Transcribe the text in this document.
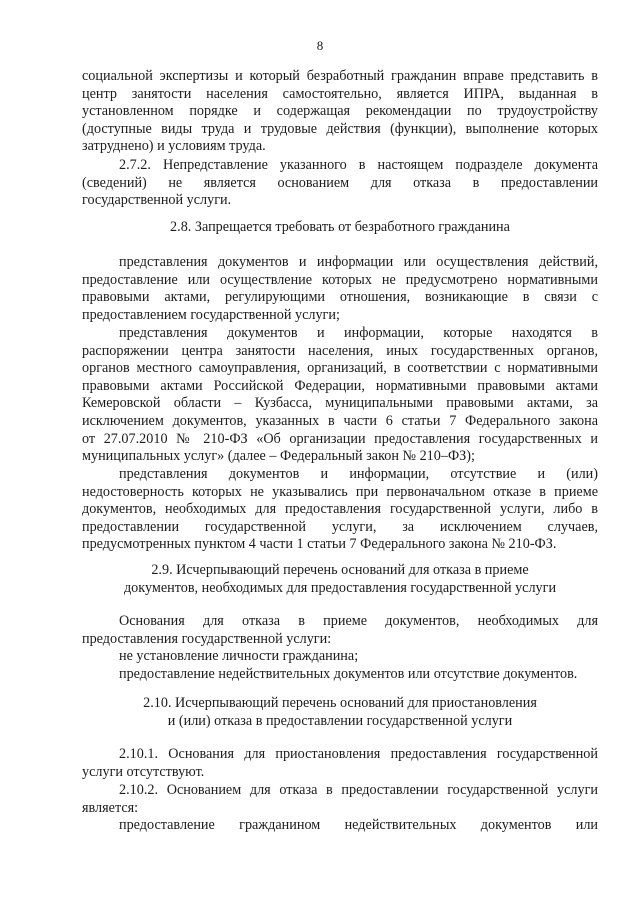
8
социальной экспертизы и который безработный гражданин вправе представить в
центр занятости населения самостоятельно, является ИПРА, выданная в
установленном порядке и содержащая рекомендации по трудоустройству
(доступные виды труда и трудовые действия (функции), выполнение которых
затруднено) и условиям труда.
2.7.2. Непредставление указанного в настоящем подразделе документа
(сведений) не является основанием для отказа в предоставлении
государственной услуги.
2.8. Запрещается требовать от безработного гражданина
представления документов и информации или осуществления действий,
предоставление или осуществление которых не предусмотрено нормативными
правовыми актами, регулирующими отношения, возникающие в связи с
предоставлением государственной услуги;
представления документов и информации, которые находятся в
распоряжении центра занятости населения, иных государственных органов,
органов местного самоуправления, организаций, в соответствии с нормативными
правовыми актами Российской Федерации, нормативными правовыми актами
Кемеровской области – Кузбасса, муниципальными правовыми актами, за
исключением документов, указанных в части 6 статьи 7 Федерального закона
от 27.07.2010 № 210-ФЗ «Об организации предоставления государственных и
муниципальных услуг» (далее – Федеральный закон № 210–ФЗ);
представления документов и информации, отсутствие и (или)
недостоверность которых не указывались при первоначальном отказе в приеме
документов, необходимых для предоставления государственной услуги, либо в
предоставлении государственной услуги, за исключением случаев,
предусмотренных пунктом 4 части 1 статьи 7 Федерального закона № 210-ФЗ.
2.9. Исчерпывающий перечень оснований для отказа в приеме
документов, необходимых для предоставления государственной услуги
Основания для отказа в приеме документов, необходимых для
предоставления государственной услуги:
не установление личности гражданина;
предоставление недействительных документов или отсутствие документов.
2.10. Исчерпывающий перечень оснований для приостановления
и (или) отказа в предоставлении государственной услуги
2.10.1. Основания для приостановления предоставления государственной
услуги отсутствуют.
2.10.2. Основанием для отказа в предоставлении государственной услуги
является:
предоставление гражданином недействительных документов или
